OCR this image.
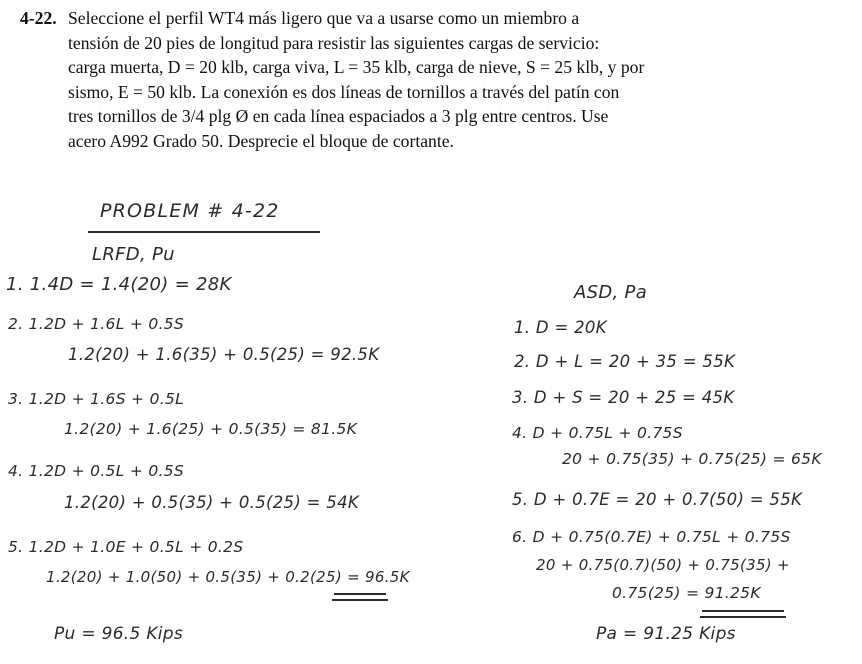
4-22. Seleccione el perfil WT4 más ligero que va a usarse como un miembro a
tensión de 20 pies de longitud para resistir las siguientes cargas de servicio:
carga muerta, D = 20 klb, carga viva, L = 35 klb, carga de nieve, S = 25 klb, y por
sismo, E = 50 klb. La conexión es dos líneas de tornillos a través del patín con
tres tornillos de 3/4 plg Ø en cada línea espaciados a 3 plg entre centros. Use
acero A992 Grado 50. Desprecie el bloque de cortante.
PROBLEM # 4-22
LRFD, Pu
1. 1.4D = 1.4(20) = 28K
2. 1.2D + 1.6L + 0.5S
1.2(20) + 1.6(35) + 0.5(25) = 92.5K
3. 1.2D + 1.6S + 0.5L
1.2(20) + 1.6(25) + 0.5(35) = 81.5K
4. 1.2D + 0.5L + 0.5S
1.2(20) + 0.5(35) + 0.5(25) = 54K
5. 1.2D + 1.0E + 0.5L + 0.2S
1.2(20) + 1.0(50) + 0.5(35) + 0.2(25) = 96.5K
Pu = 96.5 Kips
ASD, Pa
1. D = 20K
2. D + L = 20 + 35 = 55K
3. D + S = 20 + 25 = 45K
4. D + 0.75L + 0.75S
20 + 0.75(35) + 0.75(25) = 65K
5. D + 0.7E = 20 + 0.7(50) = 55K
6. D + 0.75(0.7E) + 0.75L + 0.75S
20 + 0.75(0.7)(50) + 0.75(35) +
0.75(25) = 91.25K
Pa = 91.25 Kips
